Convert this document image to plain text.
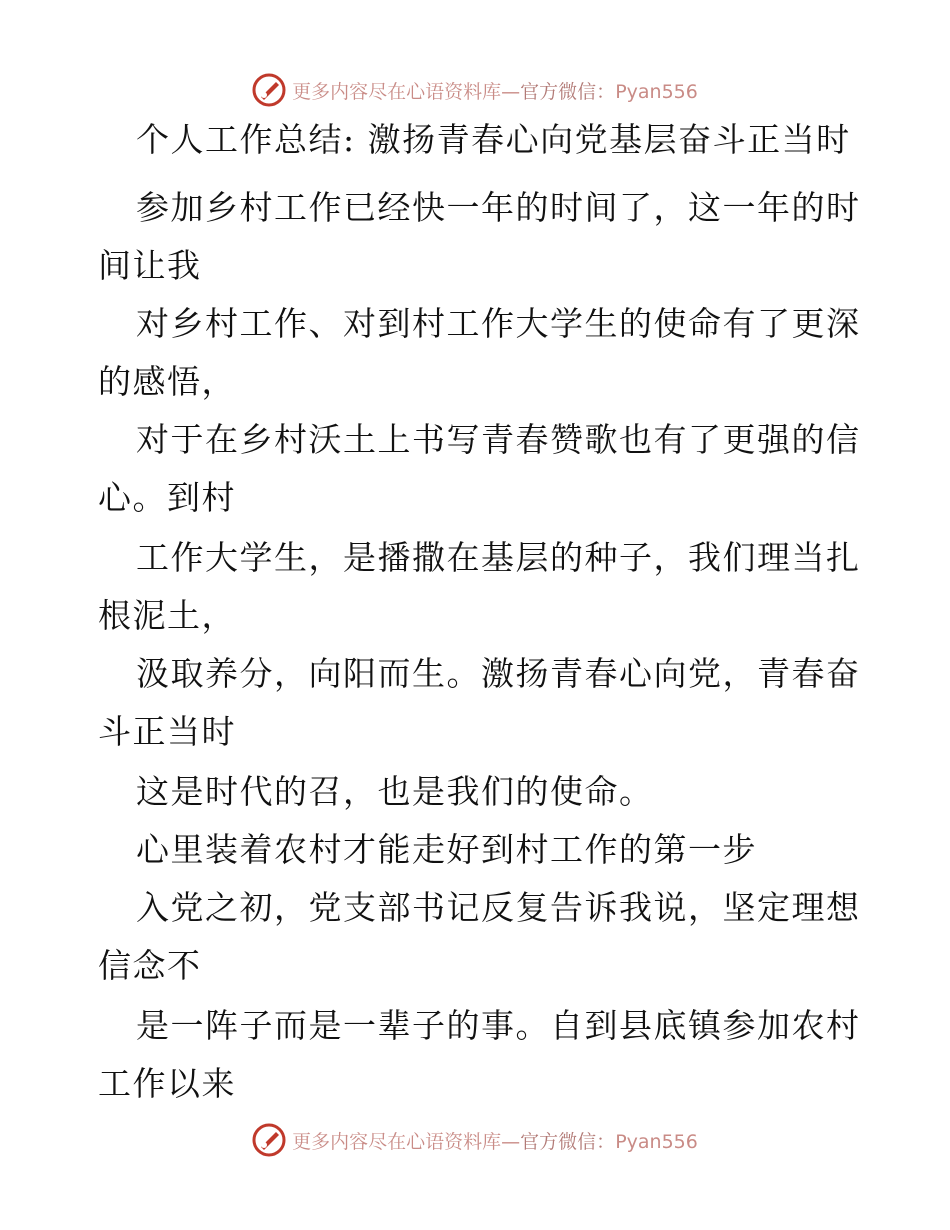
更多内容尽在心语资料库—官方微信：Pyan556
个人工作总结: 激扬青春心向党基层奋斗正当时
参加乡村工作已经快一年的时间了，这一年的时
间让我
对乡村工作、对到村工作大学生的使命有了更深
的感悟，
对于在乡村沃土上书写青春赞歌也有了更强的信
心。到村
工作大学生，是播撒在基层的种子，我们理当扎
根泥土，
汲取养分，向阳而生。激扬青春心向党，青春奋
斗正当时
这是时代的召，也是我们的使命。
心里装着农村才能走好到村工作的第一步
入党之初，党支部书记反复告诉我说，坚定理想
信念不
是一阵子而是一辈子的事。自到县底镇参加农村
工作以来
更多内容尽在心语资料库—官方微信：Pyan556
